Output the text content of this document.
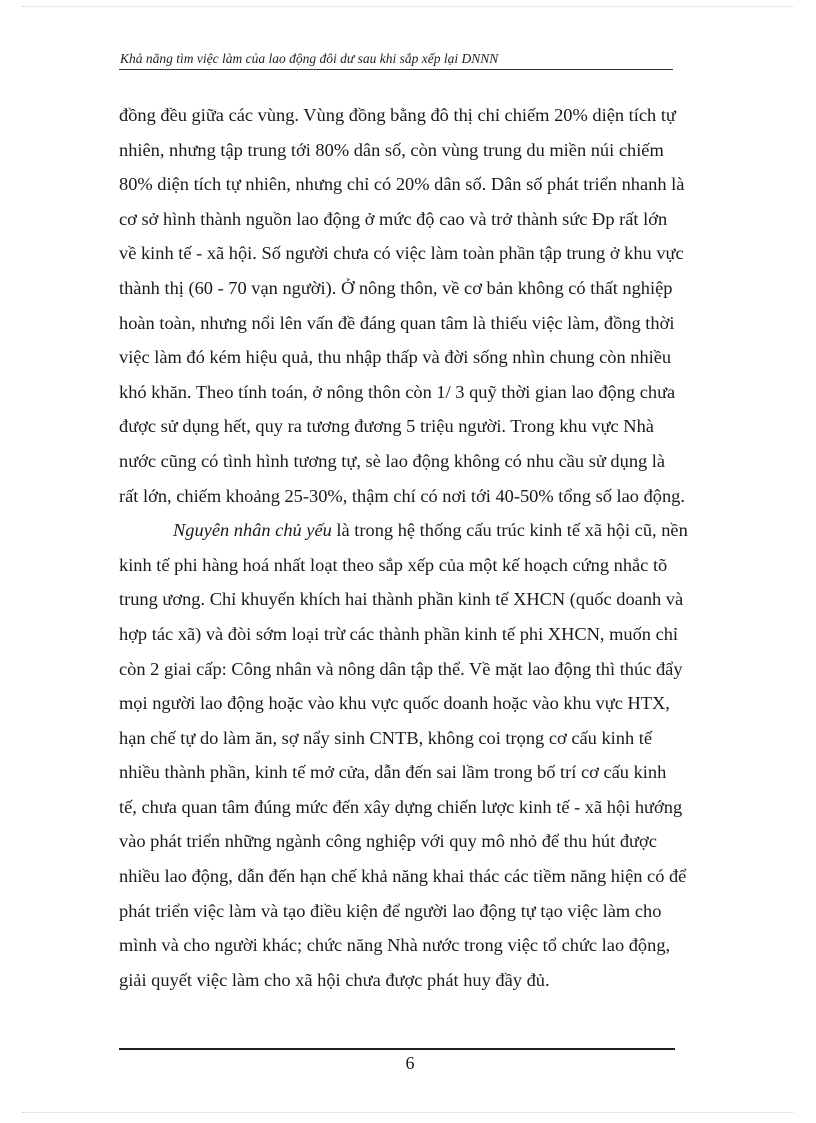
Khả năng tìm việc làm của lao động đôi dư sau khi sắp xếp lại DNNN
đồng đều giữa các vùng. Vùng đồng bằng đô thị chỉ chiếm 20% diện tích tự
nhiên, nhưng tập trung tới 80% dân số, còn vùng trung du miền núi chiếm
80% diện tích tự nhiên, nhưng chỉ có 20% dân số. Dân số phát triển nhanh là
cơ sở hình thành nguồn lao động ở mức độ cao và trở thành sức Đp rất lớn
về kinh tế - xã hội. Số người chưa có việc làm toàn phần tập trung ở khu vực
thành thị (60 - 70 vạn người). Ở nông thôn, về cơ bản không có thất nghiệp
hoàn toàn, nhưng nổi lên vấn đề đáng quan tâm là thiếu việc làm, đồng thời
việc làm đó kém hiệu quả, thu nhập thấp và đời sống nhìn chung còn nhiều
khó khăn. Theo tính toán, ở nông thôn còn 1/ 3 quỹ thời gian lao động chưa
được sử dụng hết, quy ra tương đương 5 triệu người. Trong khu vực Nhà
nước cũng có tình hình tương tự, sè lao động không có nhu cầu sử dụng là
rất lớn, chiếm khoảng 25-30%, thậm chí có nơi tới 40-50% tổng số lao động.
Nguyên nhân chủ yếu là trong hệ thống cấu trúc kinh tế xã hội cũ, nền
kinh tế phi hàng hoá nhất loạt theo sắp xếp của một kế hoạch cứng nhắc tõ
trung ương. Chỉ khuyến khích hai thành phần kinh tế XHCN (quốc doanh và
hợp tác xã) và đòi sớm loại trừ các thành phần kinh tế phi XHCN, muốn chỉ
còn 2 giai cấp: Công nhân và nông dân tập thể. Về mặt lao động thì thúc đẩy
mọi người lao động hoặc vào khu vực quốc doanh hoặc vào khu vực HTX,
hạn chế tự do làm ăn, sợ nẩy sinh CNTB, không coi trọng cơ cấu kinh tế
nhiều thành phần, kinh tế mở cửa, dẫn đến sai lầm trong bố trí cơ cấu kinh
tế, chưa quan tâm đúng mức đến xây dựng chiến lược kinh tế - xã hội hướng
vào phát triển những ngành công nghiệp với quy mô nhỏ để thu hút được
nhiều lao động, dẫn đến hạn chế khả năng khai thác các tiềm năng hiện có để
phát triển việc làm và tạo điều kiện để người lao động tự tạo việc làm cho
mình và cho người khác; chức năng Nhà nước trong việc tổ chức lao động,
giải quyết việc làm cho xã hội chưa được phát huy đầy đủ.
6
